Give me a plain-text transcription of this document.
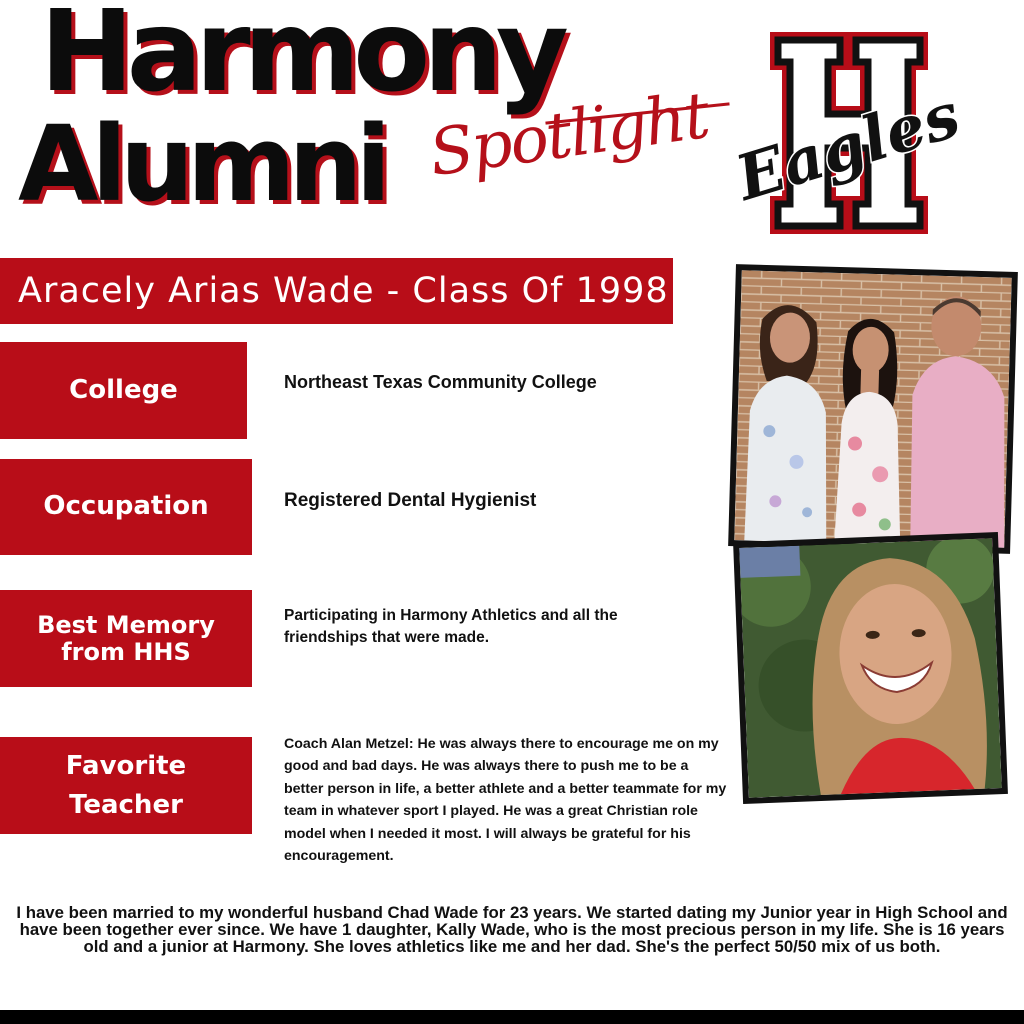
Harmony
Alumni Spotlight Eagles
Aracely Arias Wade - Class Of 1998
College
Occupation
Best Memory
from HHS
Favorite
Teacher
Northeast Texas Community College
Registered Dental Hygienist
Participating in Harmony Athletics and all the friendships that were made.
Coach Alan Metzel: He was always there to encourage me on my good and bad days. He was always there to push me to be a better person in life, a better athlete and a better teammate for my team in whatever sport I played. He was a great Christian role model when I needed it most. I will always be grateful for his encouragement.

I have been married to my wonderful husband Chad Wade for 23 years. We started dating my Junior year in High School and have been together ever since. We have 1 daughter, Kally Wade, who is the most precious person in my life. She is 16 years old and a junior at Harmony. She loves athletics like me and her dad. She's the perfect 50/50 mix of us both.
